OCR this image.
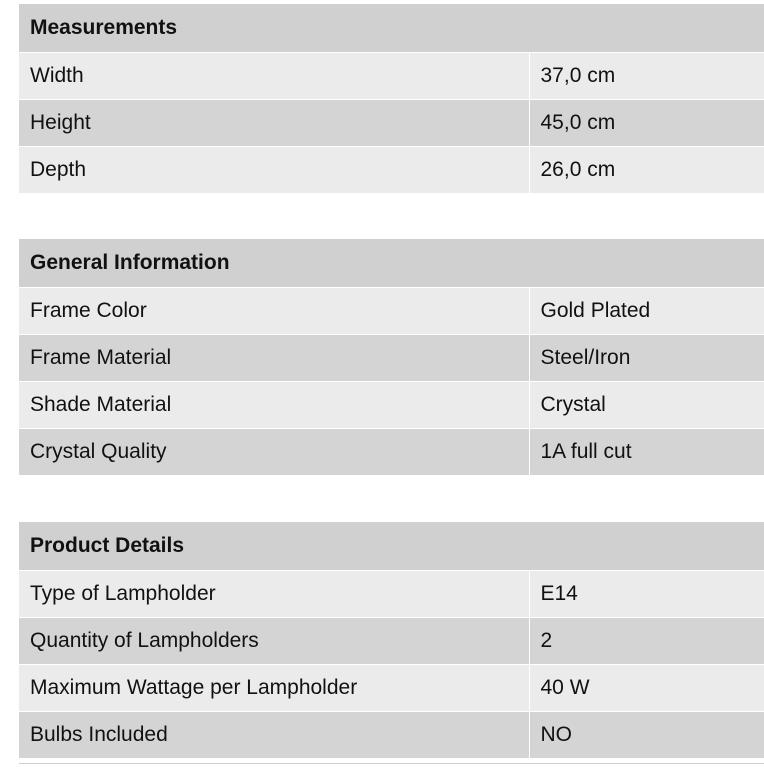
Measurements	
Width	37,0 cm
Height	45,0 cm
Depth	26,0 cm
General Information	
Frame Color	Gold Plated
Frame Material	Steel/Iron
Shade Material	Crystal
Crystal Quality	1A full cut
Product Details	
Type of Lampholder	E14
Quantity of Lampholders	2
Maximum Wattage per Lampholder	40 W
Bulbs Included	NO
